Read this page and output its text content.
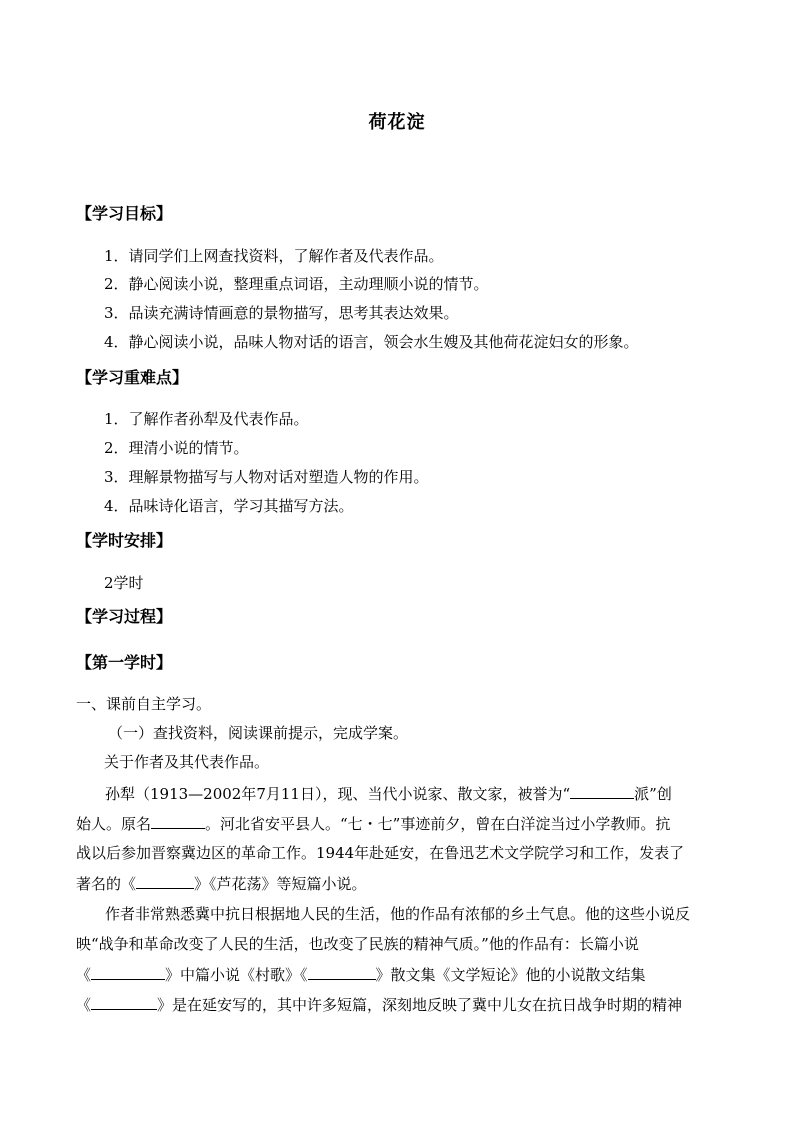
荷花淀
【学习目标】
1．请同学们上网查找资料，了解作者及代表作品。
2．静心阅读小说，整理重点词语，主动理顺小说的情节。
3．品读充满诗情画意的景物描写，思考其表达效果。
4．静心阅读小说，品味人物对话的语言，领会水生嫂及其他荷花淀妇女的形象。
【学习重难点】
1．了解作者孙犁及代表作品。
2．理清小说的情节。
3．理解景物描写与人物对话对塑造人物的作用。
4．品味诗化语言，学习其描写方法。
【学时安排】
2学时
【学习过程】
【第一学时】
一、课前自主学习。
（一）查找资料，阅读课前提示，完成学案。
关于作者及其代表作品。
孙犁（1913—2002年7月11日），现、当代小说家、散文家，被誉为“	派”创
始人。原名	。河北省安平县人。“七・七”事迹前夕，曾在白洋淀当过小学教师。抗
战以后参加晋察冀边区的革命工作。1944年赴延安，在鲁迅艺术文学院学习和工作，发表了
著名的《	》《芦花荡》等短篇小说。
作者非常熟悉冀中抗日根据地人民的生活，他的作品有浓郁的乡土气息。他的这些小说反
映“战争和革命改变了人民的生活，也改变了民族的精神气质。”他的作品有：长篇小说
《	》中篇小说《村歌》《	》散文集《文学短论》他的小说散文结集
《	》是在延安写的，其中许多短篇，深刻地反映了冀中儿女在抗日战争时期的精神
